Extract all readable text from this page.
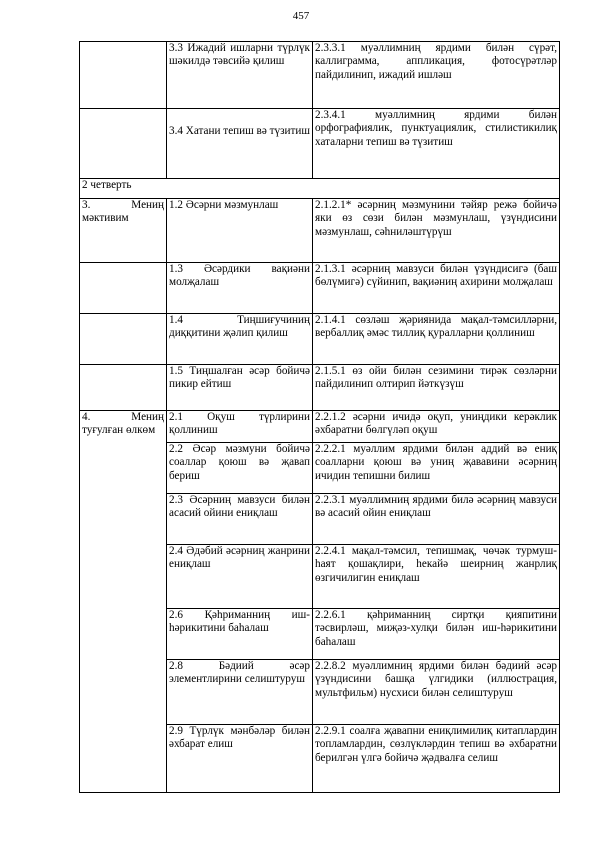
457
	3.3 Ижадий ишларни түрлүк шәкилдә тәвсийә қилиш	2.3.3.1 муәллимниң ярдими билән сүрәт, каллиграмма, аппликация, фотосүрәтләр пайдилинип, ижадий ишләш
	3.4 Хатани тепиш вә түзитиш	2.3.4.1 муәллимниң ярдими билән орфографиялик, пунктуациялик, стилистикилиқ хаталарни тепиш вә түзитиш
2 четверть		
3. Мениң мәктивим	1.2 Әсәрни мәзмунлаш	2.1.2.1* әсәрниң мәзмунини тәйяр режә бойичә яки өз сөзи билән мәзмунлаш, үзүндисини мәзмунлаш, сәһнилəштүрүш
	1.3 Әсәрдики вақиəни молҗалаш	2.1.3.1 әсәрниң мавзуси билән үзүндисигә (баш бөлүмигә) сүйинип, вақиәниң ахирини молҗалаш
	1.4 Тиңшиғучиниң диққитини җәлип қилиш	2.1.4.1 сөзләш җəриянида мақал-тәмсилләрни, вербаллиқ әмәс тиллиқ қуралларни қоллиниш
	1.5 Тиңшалған әсәр бойичә пикир ейтиш	2.1.5.1 өз ойи билән сезимини тирәк сөзләрни пайдилинип олтирип йәткүзүш
4. Мениң туғулған өлкөм	2.1 Оқуш түрлирини қоллиниш	2.2.1.2 әсәрни ичидә оқуп, униңдики керəклик әхбаратни бөлгүләп оқуш
	2.2 Әсәр мәзмуни бойичә соаллар қоюш вә җавап бериш	2.2.2.1 муәллим ярдими билән аддий вә ениқ соалларни қоюш вә униң җававини әсәрниң ичидин тепишни билиш
	2.3 Әсәрниң мавзуси билән асасий ойини ениқлаш	2.2.3.1 муәллимниң ярдими билә әсәрниң мавзуси вә асасий ойин ениқлаш
	2.4 Әдәбий әсәрниң жанрини ениқлаш	2.2.4.1 мақал-тәмсил, тепишмақ, чөчәк турмуш-һаят қошақлири, һекайә шеирниң жанрлиқ өзгичилигин ениқлаш
	2.6 Қәһриманниң иш-һәрикитини баһалаш	2.2.6.1 қәһриманниң сиртқи қияпитини тәсвирләш, миҗәз-хулқи билән иш-һәрикитини баһалаш
	2.8 Бәдиий әсәр элементлирини селиштуруш	2.2.8.2 муәллимниң ярдими билән бәдиий әсәр үзүндисини башқа үлгидики (иллюстрация, мультфильм) нусхиси билән селиштуруш
	2.9 Түрлүк мәнбәләр билән әхбарат елиш	2.2.9.1 соалға җавапни ениқлимилиқ китаплардин топламлардин, сөзлүкләрдин тепиш вә әхбаратни берилгән үлгә бойичә җәдвалға селиш
